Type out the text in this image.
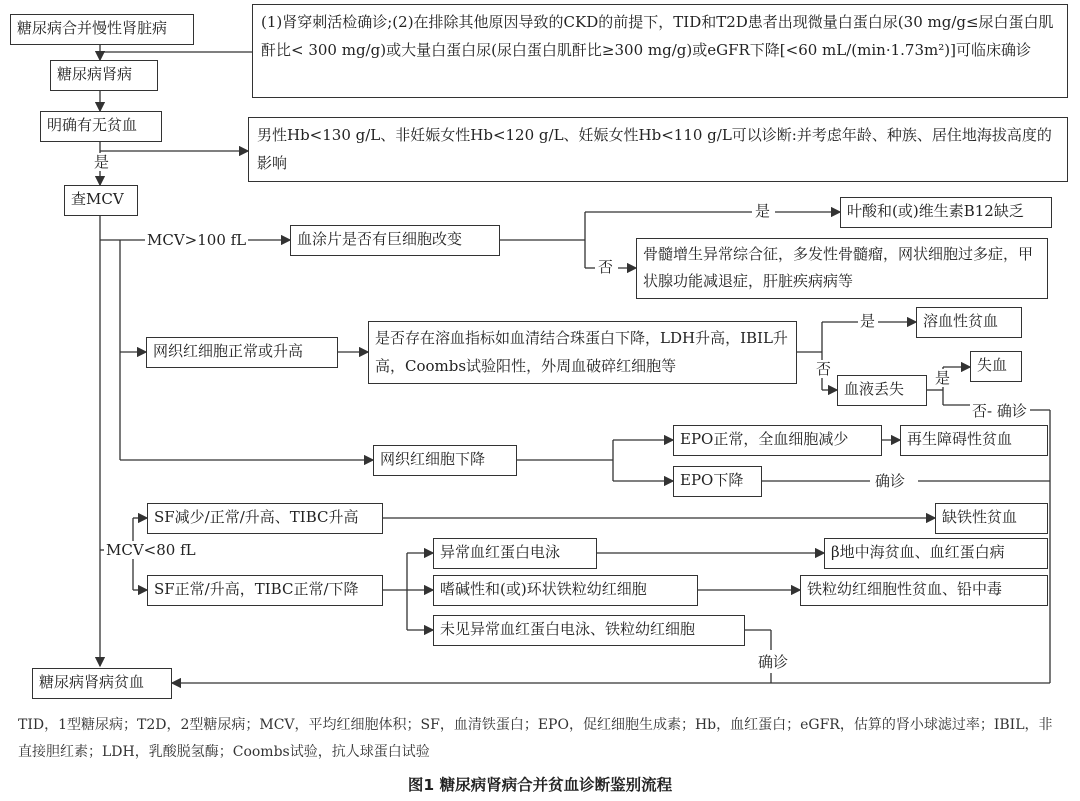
糖尿病合并慢性肾脏病	(1)肾穿刺活检确诊;(2)在排除其他原因导致的CKD的前提下，TID和T2D患者出现微量白蛋白尿(30 mg/g≤尿白蛋白肌酐比< 300 mg/g)或大量白蛋白尿(尿白蛋白肌酐比≥300 mg/g)或eGFR下降[<60 mL/(min·1.73m²)]可临床确诊
糖尿病肾病
明确有无贫血
男性Hb<130 g/L、非妊娠女性Hb<120 g/L、妊娠女性Hb<110 g/L可以诊断:并考虑年龄、种族、居住地海拔高度的影响
查MCV
血涂片是否有巨细胞改变
叶酸和(或)维生素B12缺乏
骨髓增生异常综合征，多发性骨髓瘤，网状细胞过多症，甲状腺功能减退症，肝脏疾病病等
网织红细胞正常或升高
是否存在溶血指标如血清结合珠蛋白下降，LDH升高，IBIL升高，Coombs试验阳性，外周血破碎红细胞等
溶血性贫血
血液丢失
失血
网织红细胞下降
EPO正常，全血细胞减少	再生障碍性贫血
EPO下降
SF减少/正常/升高、TIBC升高	缺铁性贫血
SF正常/升高，TIBC正常/下降
异常血红蛋白电泳	β地中海贫血、血红蛋白病
嗜碱性和(或)环状铁粒幼红细胞	铁粒幼红细胞性贫血、铅中毒
未见异常血红蛋白电泳、铁粒幼红细胞
糖尿病肾病贫血
是
MCV>100 fL
是
否
是
否	是
否- 确诊
确诊
MCV<80 fL
确诊
TID，1型糖尿病；T2D，2型糖尿病；MCV，平均红细胞体积；SF，血清铁蛋白；EPO，促红细胞生成素；Hb，血红蛋白；eGFR，估算的肾小球滤过率；IBIL，非直接胆红素；LDH，乳酸脱氢酶；Coombs试验，抗人球蛋白试验
图1 糖尿病肾病合并贫血诊断鉴别流程
